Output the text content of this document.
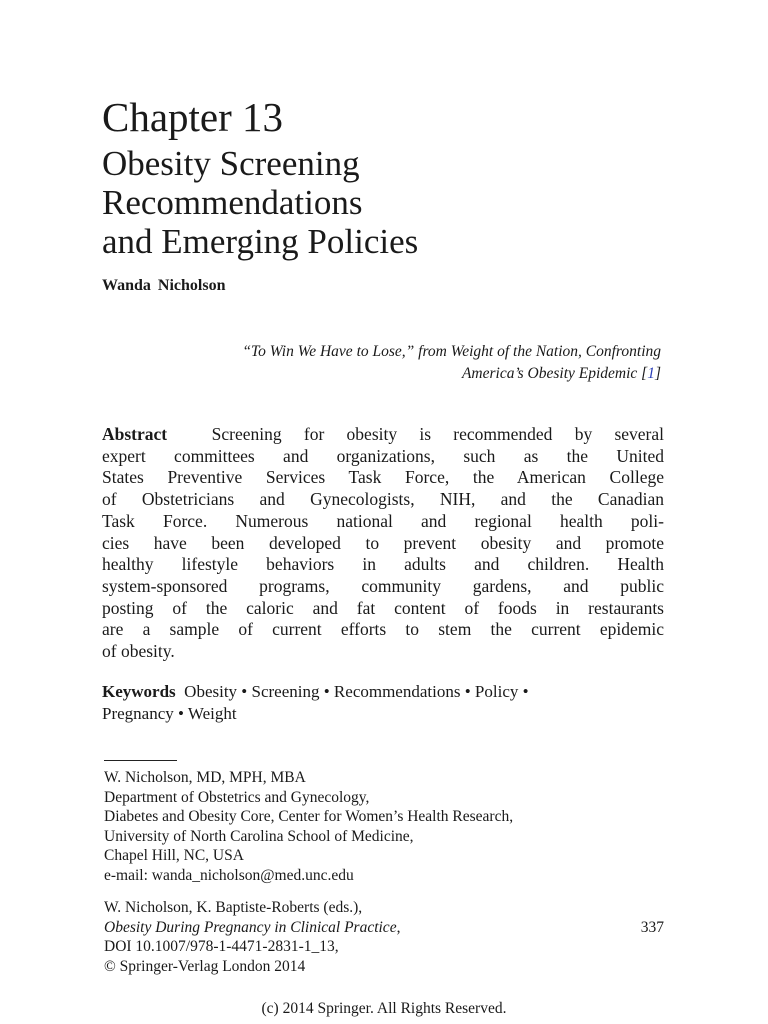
Chapter 13
Obesity Screening
Recommendations
and Emerging Policies
Wanda Nicholson
“To Win We Have to Lose,” from Weight of the Nation, Confronting
America’s Obesity Epidemic [1]
Abstract	Screening for obesity is recommended by several
expert committees and organizations, such as the United
States Preventive Services Task Force, the American College
of Obstetricians and Gynecologists, NIH, and the Canadian
Task Force. Numerous national and regional health poli-
cies have been developed to prevent obesity and promote
healthy lifestyle behaviors in adults and children. Health
system-sponsored programs, community gardens, and public
posting of the caloric and fat content of foods in restaurants
are a sample of current efforts to stem the current epidemic
of obesity.
Keywords Obesity • Screening • Recommendations • Policy •
Pregnancy • Weight
W. Nicholson, MD, MPH, MBA
Department of Obstetrics and Gynecology,
Diabetes and Obesity Core, Center for Women’s Health Research,
University of North Carolina School of Medicine,
Chapel Hill, NC, USA
e-mail: wanda_nicholson@med.unc.edu
W. Nicholson, K. Baptiste-Roberts (eds.),
Obesity During Pregnancy in Clinical Practice,	337
DOI 10.1007/978-1-4471-2831-1_13,
© Springer-Verlag London 2014
(c) 2014 Springer. All Rights Reserved.
